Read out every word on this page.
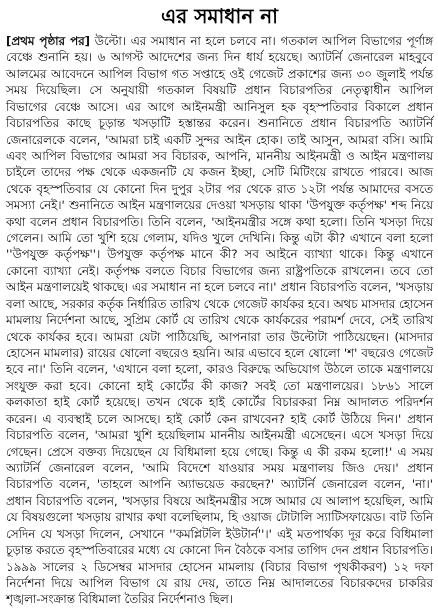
এর সমাধান না

[প্রথম পৃষ্ঠার পর] উল্টো। এর সমাধান না হলে চলবে না। গতকাল আপিল বিভাগের পূর্ণাঙ্গ বেঞ্চে শুনানি হয়। ৬ আগস্ট আদেশের জন্য দিন ধার্য হয়েছে। অ্যাটর্নি জেনারেল মাহবুবে আলমের আবেদনে আপিল বিভাগ গত সপ্তাহে ওই গেজেট প্রকাশের জন্য ৩০ জুলাই পর্যন্ত সময় দিয়েছিল। সে অনুযায়ী গতকাল বিষয়টি প্রধান বিচারপতির নেতৃত্বাধীন আপিল বিভাগের বেঞ্চে আসে। এর আগে আইনমন্ত্রী আনিসুল হক বৃহস্পতিবার বিকালে প্রধান বিচারপতির কাছে চূড়ান্ত খসড়াটি হস্তান্তর করেন। শুনানিতে প্রধান বিচারপতি অ্যাটর্নি জেনারেলকে বলেন, 'আমরা চাই একটি সুন্দর আইন হোক। তাই আসুন, আমরা বসি। আমি এবং আপিল বিভাগের আমরা সব বিচারক, আপনি, মাননীয় আইনমন্ত্রী ও আইন মন্ত্রণালয় চাইলে তাদের পক্ষ থেকে একজনটি যে কজন ইচ্ছা, সেটি মিটিংয়ে রাখতে পারবে। আজ থেকে বৃহস্পতিবার যে কোনো দিন দুপুর ২টার পর থেকে রাত ১২টা পর্যন্ত আমাদের বসতে সমস্যা নেই।' শুনানিতে আইন মন্ত্রণালয়ের দেওয়া খসড়ায় থাকা 'উপযুক্ত কর্তৃপক্ষ' শব্দ নিয়ে কথা বলেন প্রধান বিচারপতি। তিনি বলেন, 'আইনমন্ত্রীর সঙ্গে কথা হলো। তিনি খসড়া দিয়ে গেলেন। আমি তো খুশি হয়ে গেলাম, যদিও খুলে দেখিনি। কিন্তু এটা কী? এখানে বলা হলো ''উপযুক্ত কর্তৃপক্ষ''। উপযুক্ত কর্তৃপক্ষ মানে কী? সব আইনে ব্যাখ্যা থাকে। কিন্তু এখানে কোনো ব্যাখ্যা নেই। কর্তৃপক্ষ বলতে বিচার বিভাগের জন্য রাষ্ট্রপতিকে রাখলেন। তবে তো আইন মন্ত্রণালয়েই থাকছে। এর সমাধান না হলে চলবে না।' প্রধান বিচারপতি বলেন, 'খসড়ায় বলা আছে, সরকার কর্তৃক নির্ধারিত তারিখ থেকে গেজেট কার্যকর হবে। অথচ মাসদার হোসেন মামলায় নির্দেশনা আছে, সুপ্রিম কোর্ট যে তারিখ থেকে কার্যকরের পরামর্শ দেবে, সেই তারিখ থেকে কার্যকর হবে। আমরা যেটা পাঠিয়েছি, আপনারা তার উল্টোটা পাঠিয়েছেন। (মাসদার হোসেন মামলার) রায়ের ষোলো বছরেও হয়নি। আর এভাবে হলে ষোলো 'শ' বছরেও গেজেট হবে না।' তিনি বলেন, 'এখানে বলা হলো, কারও বিরুদ্ধে অভিযোগ উঠলে তাকে মন্ত্রণালয়ে সংযুক্ত করা হবে। কোনো হাই কোর্টের কী কাজ? সবই তো মন্ত্রণালয়ের। ১৮৬১ সালে কলকাতা হাই কোর্ট হয়েছে। তখন থেকে হাই কোর্টের বিচারকরা নিম্ন আদালত পরিদর্শন করেন। এ ব্যবস্থাই চলে আসছে। হাই কোর্ট কেন রাখবেন? হাই কোর্ট উঠিয়ে দিন।' প্রধান বিচারপতি বলেন, 'আমরা খুশি হয়েছিলাম মাননীয় আইনমন্ত্রী এসেছেন। এসে খসড়া দিয়ে গেছেন। প্রেসে বক্তব্য দিয়েছেন যে বিধিমালা হয়ে গেছে। কিন্তু এ কী রকম হলো!' এ সময় অ্যাটর্নি জেনারেল বলেন, 'আমি বিদেশে যাওয়ার সময় মন্ত্রণালয় জিও দেয়।' প্রধান বিচারপতি বলেন, 'তাহলে আপনি অ্যাভয়েড করছেন?' অ্যাটর্নি জেনারেল বলেন, 'না।' প্রধান বিচারপতি বলেন, 'খসড়ার বিষয়ে আইনমন্ত্রীর সঙ্গে আমার যে আলাপ হয়েছিল, আমি যে বিষয়গুলো খসড়ায় রাখার কথা বলেছিলাম, হি ওয়াজ টোটালি স্যাটিসফায়েড। বাট তিনি সেদিন যে খসড়া দিলেন, সেখানে ''কমপ্লিটলি ইউটার্ন''।' এই মতপার্থক্য দূর করে বিধিমালা চূড়ান্ত করতে বৃহস্পতিবারের মধ্যে যে কোনো দিন বৈঠকে বসার তাগিদ দেন প্রধান বিচারপতি। ১৯৯৯ সালের ২ ডিসেম্বর মাসদার হোসেন মামলায় (বিচার বিভাগ পৃথকীকরণ) ১২ দফা নির্দেশনা দিয়ে আপিল বিভাগ যে রায় দেয়, তাতে নিম্ন আদালতের বিচারকদের চাকরির শৃঙ্খলা-সংক্রান্ত বিধিমালা তৈরির নির্দেশনাও ছিল।
